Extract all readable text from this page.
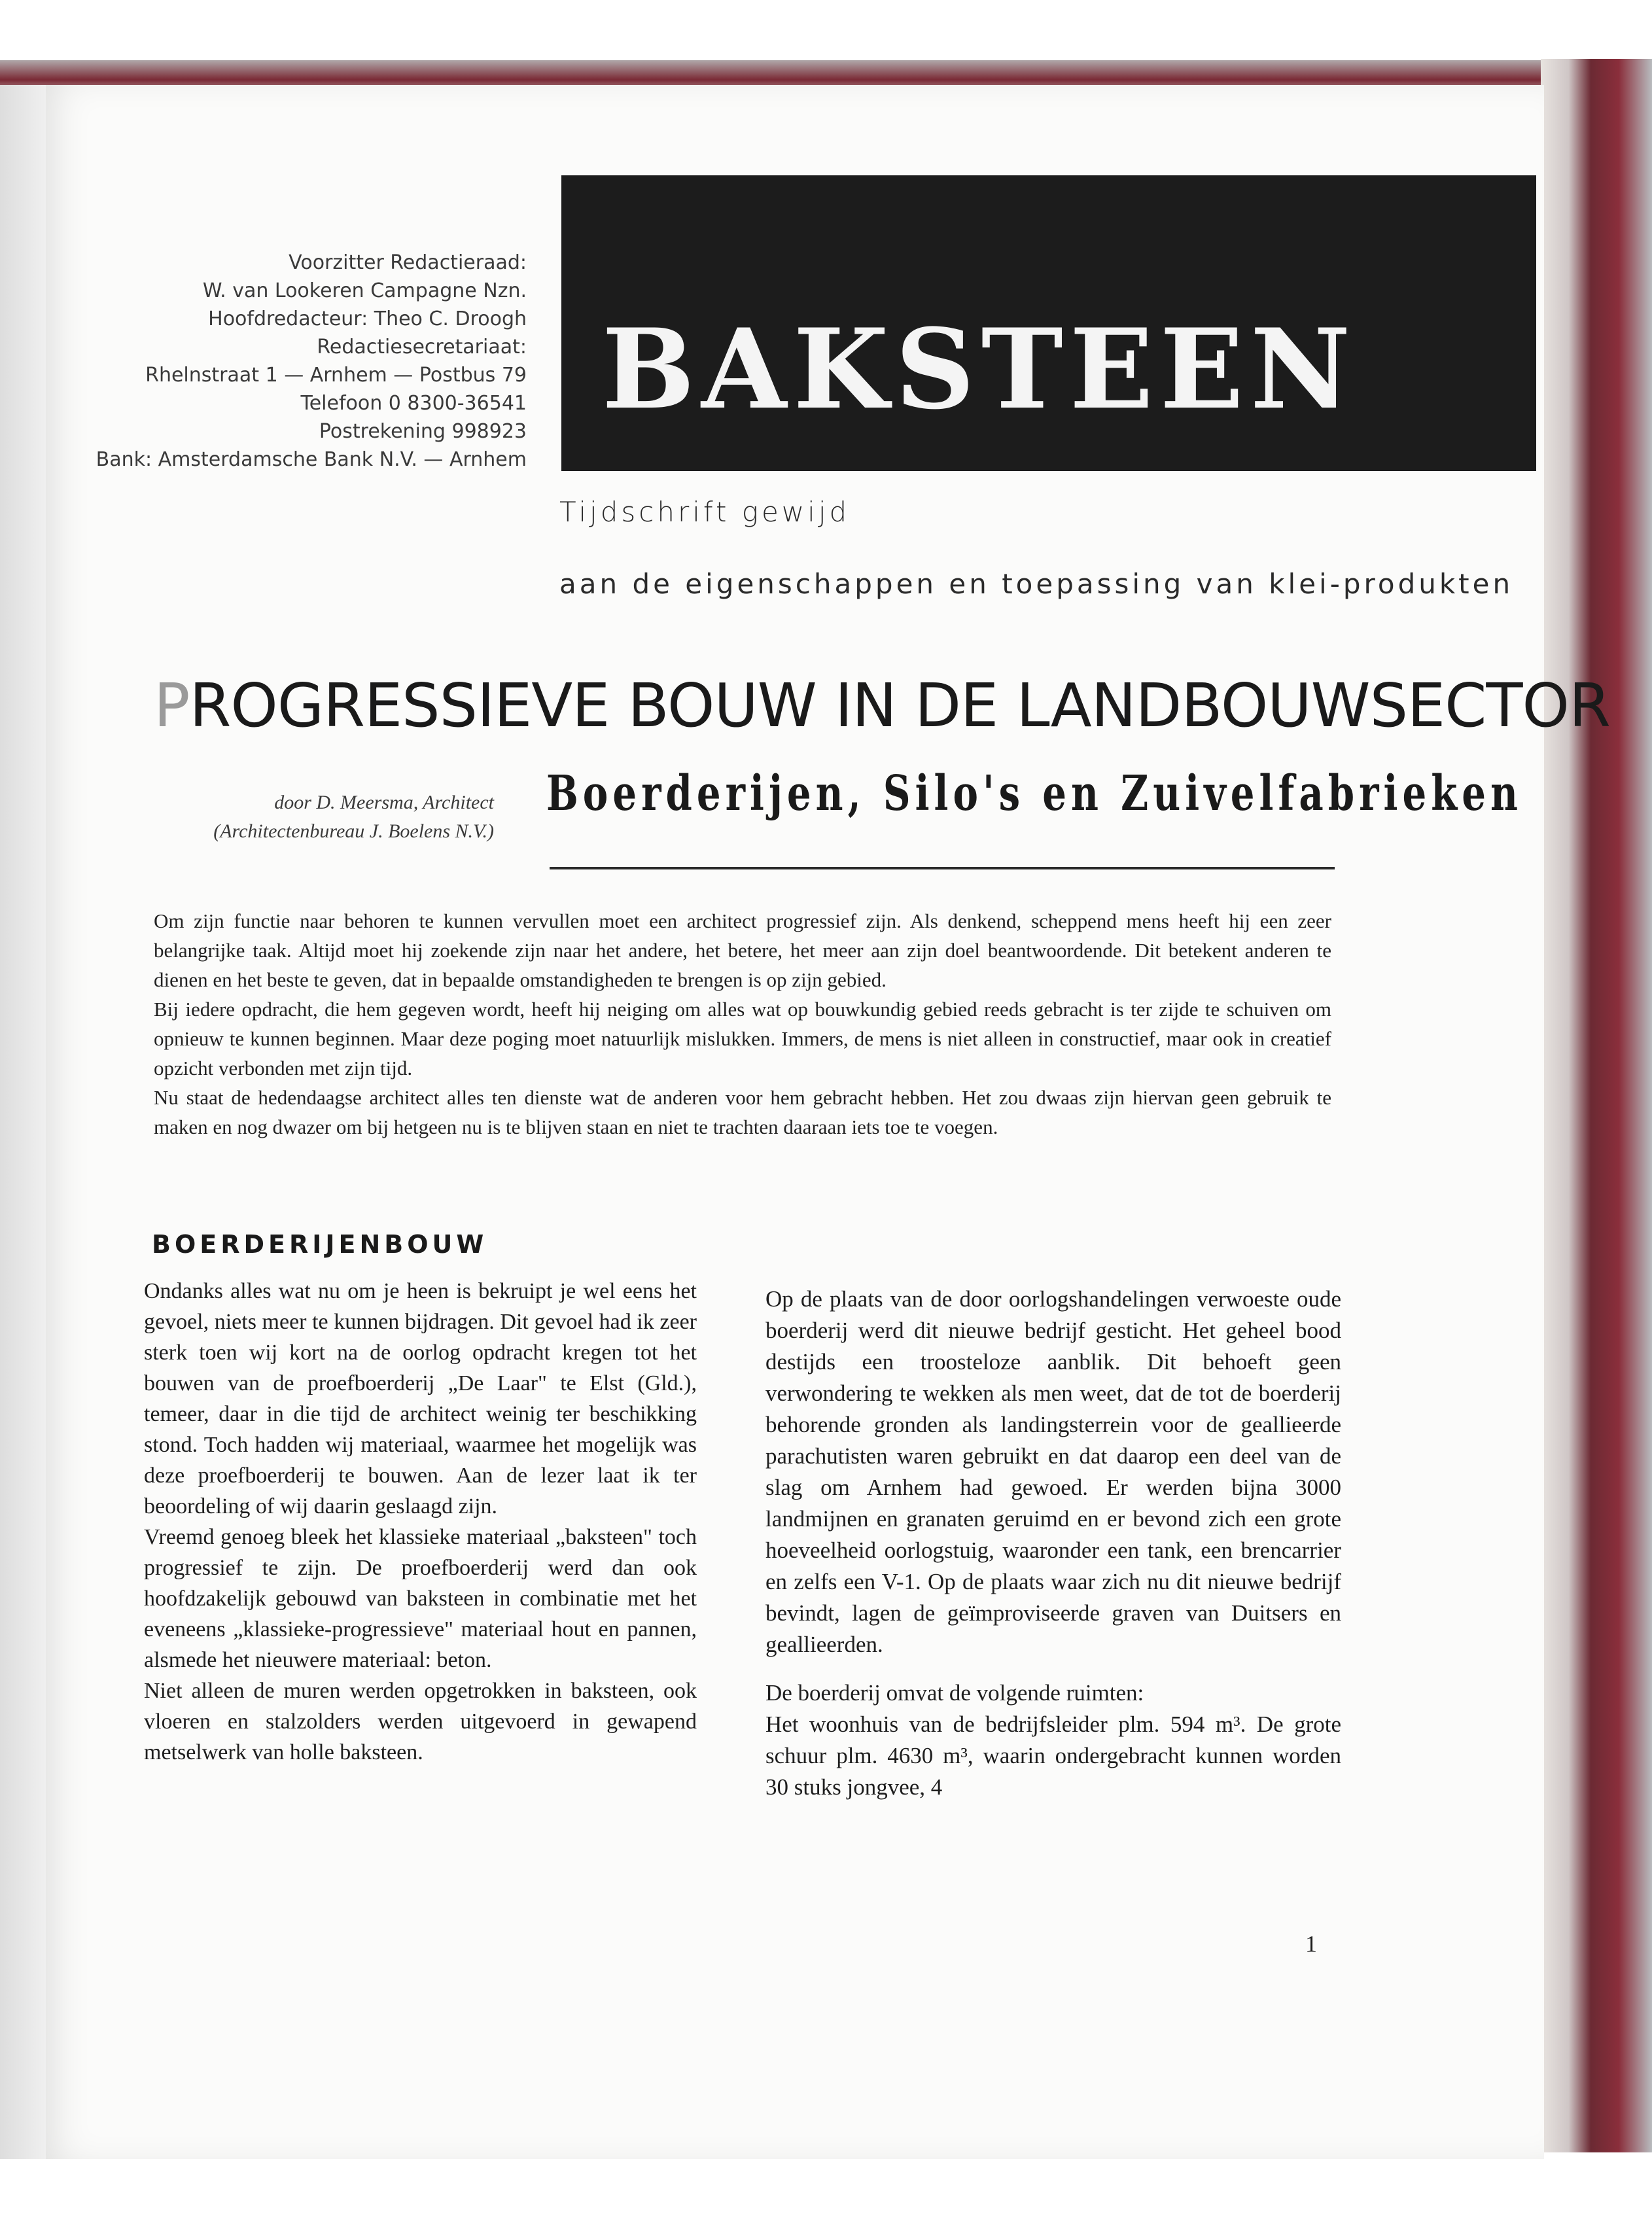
Voorzitter Redactieraad:
W. van Lookeren Campagne Nzn.
Hoofdredacteur: Theo C. Droogh
Redactiesecretariaat:
Rhelnstraat 1 — Arnhem — Postbus 79
Telefoon 0 8300-36541
Postrekening 998923
Bank: Amsterdamsche Bank N.V. — Arnhem
BAKSTEEN
Tijdschrift gewijd
aan de eigenschappen en toepassing van klei-produkten
PROGRESSIEVE BOUW IN DE LANDBOUWSECTOR
door D. Meersma, Architect
(Architectenbureau J. Boelens N.V.)
Boerderijen, Silo's en Zuivelfabrieken

Om zijn functie naar behoren te kunnen vervullen moet een architect progressief zijn. Als denkend, scheppend mens heeft hij een zeer belangrijke taak. Altijd moet hij zoekende zijn naar het andere, het betere, het meer aan zijn doel beantwoordende. Dit betekent anderen te dienen en het beste te geven, dat in bepaalde omstandigheden te brengen is op zijn gebied.

Bij iedere opdracht, die hem gegeven wordt, heeft hij neiging om alles wat op bouwkundig gebied reeds gebracht is ter zijde te schuiven om opnieuw te kunnen beginnen. Maar deze poging moet natuurlijk mislukken. Immers, de mens is niet alleen in constructief, maar ook in creatief opzicht verbonden met zijn tijd.

Nu staat de hedendaagse architect alles ten dienste wat de anderen voor hem gebracht hebben. Het zou dwaas zijn hiervan geen gebruik te maken en nog dwazer om bij hetgeen nu is te blijven staan en niet te trachten daaraan iets toe te voegen.

BOERDERIJENBOUW

Ondanks alles wat nu om je heen is bekruipt je wel eens het gevoel, niets meer te kunnen bijdragen. Dit gevoel had ik zeer sterk toen wij kort na de oorlog opdracht kregen tot het bouwen van de proefboerderij „De Laar" te Elst (Gld.), temeer, daar in die tijd de architect weinig ter beschikking stond. Toch hadden wij materiaal, waarmee het mogelijk was deze proefboerderij te bouwen. Aan de lezer laat ik ter beoordeling of wij daarin geslaagd zijn.

Vreemd genoeg bleek het klassieke materiaal „baksteen" toch progressief te zijn. De proefboerderij werd dan ook hoofdzakelijk gebouwd van baksteen in combinatie met het eveneens „klassieke-progressieve" materiaal hout en pannen, alsmede het nieuwere materiaal: beton.

Niet alleen de muren werden opgetrokken in baksteen, ook vloeren en stalzolders werden uitgevoerd in gewapend metselwerk van holle baksteen.

Op de plaats van de door oorlogshandelingen verwoeste oude boerderij werd dit nieuwe bedrijf gesticht. Het geheel bood destijds een troosteloze aanblik. Dit behoeft geen verwondering te wekken als men weet, dat de tot de boerderij behorende gronden als landingsterrein voor de geallieerde parachutisten waren gebruikt en dat daarop een deel van de slag om Arnhem had gewoed. Er werden bijna 3000 landmijnen en granaten geruimd en er bevond zich een grote hoeveelheid oorlogstuig, waaronder een tank, een brencarrier en zelfs een V-1. Op de plaats waar zich nu dit nieuwe bedrijf bevindt, lagen de geïmproviseerde graven van Duitsers en geallieerden.

De boerderij omvat de volgende ruimten:

Het woonhuis van de bedrijfsleider plm. 594 m³. De grote schuur plm. 4630 m³, waarin ondergebracht kunnen worden 30 stuks jongvee, 4

1
